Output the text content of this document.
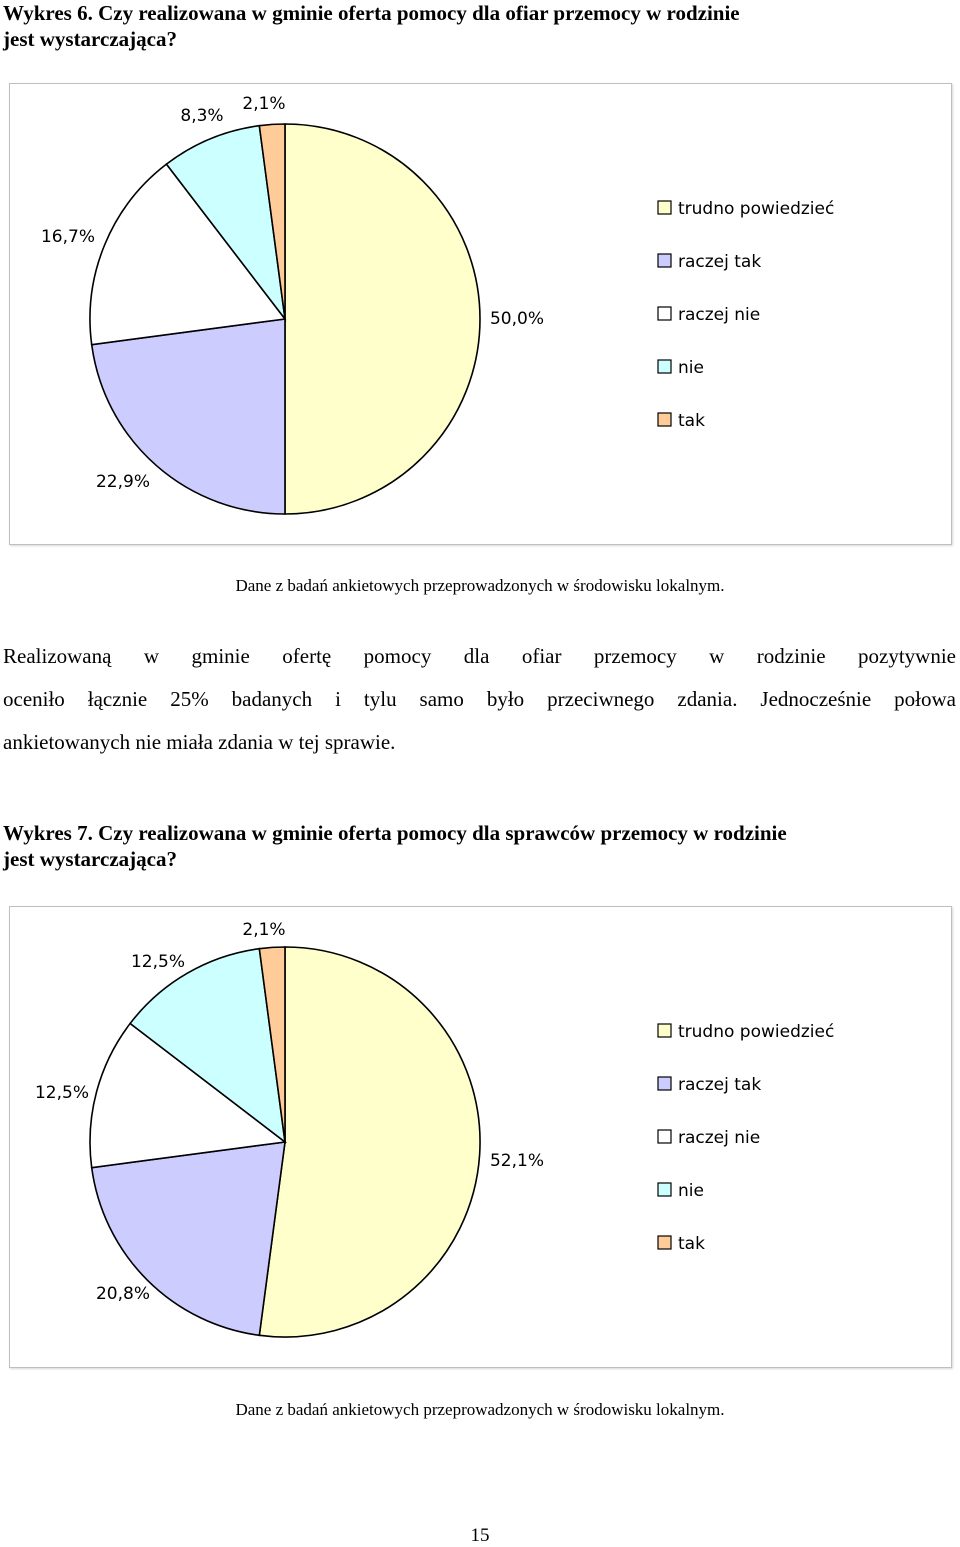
Wykres 6. Czy realizowana w gminie oferta pomocy dla ofiar przemocy w rodzinie
jest wystarczająca?
50,0%
22,9%
16,7%
8,3%
2,1%
trudno powiedzieć
raczej tak
raczej nie
nie
tak
Dane z badań ankietowych przeprowadzonych w środowisku lokalnym.
Realizowaną w gminie ofertę pomocy dla ofiar przemocy w rodzinie pozytywnie
oceniło łącznie 25% badanych i tylu samo było przeciwnego zdania. Jednocześnie połowa
ankietowanych nie miała zdania w tej sprawie.
Wykres 7. Czy realizowana w gminie oferta pomocy dla sprawców przemocy w rodzinie
jest wystarczająca?
52,1%
20,8%
12,5%
12,5%
2,1%
trudno powiedzieć
raczej tak
raczej nie
nie
tak
Dane z badań ankietowych przeprowadzonych w środowisku lokalnym.
15
